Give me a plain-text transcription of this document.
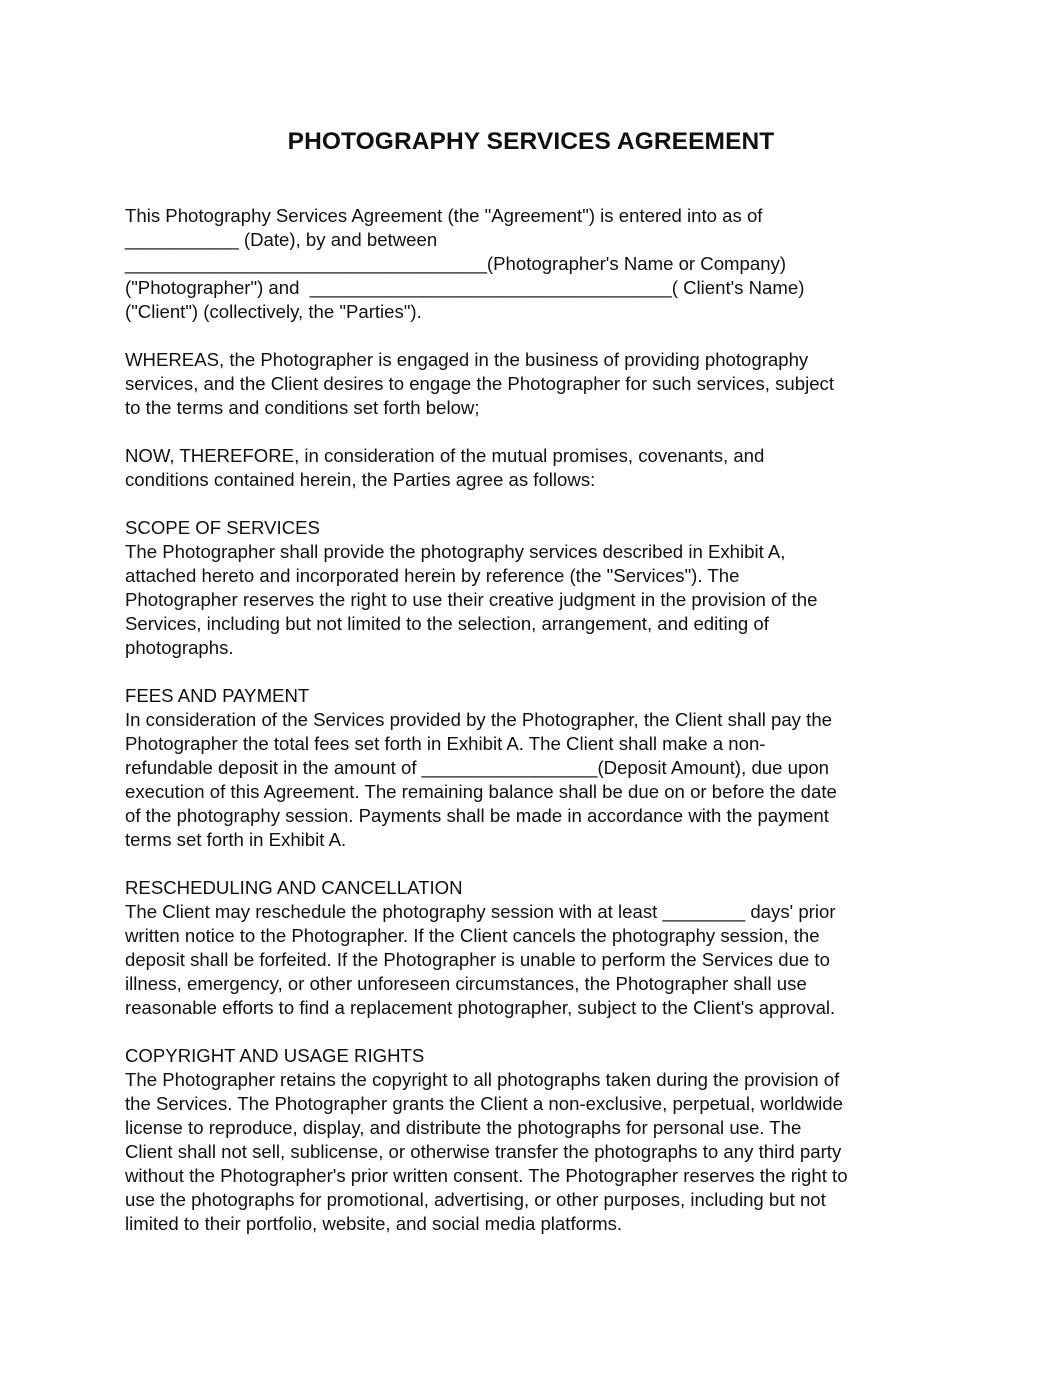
PHOTOGRAPHY SERVICES AGREEMENT
This Photography Services Agreement (the "Agreement") is entered into as of
___________ (Date), by and between
___________________________________(Photographer's Name or Company)
("Photographer") and  ___________________________________( Client's Name)
("Client") (collectively, the "Parties").
WHEREAS, the Photographer is engaged in the business of providing photography
services, and the Client desires to engage the Photographer for such services, subject
to the terms and conditions set forth below;
NOW, THEREFORE, in consideration of the mutual promises, covenants, and
conditions contained herein, the Parties agree as follows:
SCOPE OF SERVICES
The Photographer shall provide the photography services described in Exhibit A,
attached hereto and incorporated herein by reference (the "Services"). The
Photographer reserves the right to use their creative judgment in the provision of the
Services, including but not limited to the selection, arrangement, and editing of
photographs.
FEES AND PAYMENT
In consideration of the Services provided by the Photographer, the Client shall pay the
Photographer the total fees set forth in Exhibit A. The Client shall make a non-
refundable deposit in the amount of _________________(Deposit Amount), due upon
execution of this Agreement. The remaining balance shall be due on or before the date
of the photography session. Payments shall be made in accordance with the payment
terms set forth in Exhibit A.
RESCHEDULING AND CANCELLATION
The Client may reschedule the photography session with at least ________ days' prior
written notice to the Photographer. If the Client cancels the photography session, the
deposit shall be forfeited. If the Photographer is unable to perform the Services due to
illness, emergency, or other unforeseen circumstances, the Photographer shall use
reasonable efforts to find a replacement photographer, subject to the Client's approval.
COPYRIGHT AND USAGE RIGHTS
The Photographer retains the copyright to all photographs taken during the provision of
the Services. The Photographer grants the Client a non-exclusive, perpetual, worldwide
license to reproduce, display, and distribute the photographs for personal use. The
Client shall not sell, sublicense, or otherwise transfer the photographs to any third party
without the Photographer's prior written consent. The Photographer reserves the right to
use the photographs for promotional, advertising, or other purposes, including but not
limited to their portfolio, website, and social media platforms.
